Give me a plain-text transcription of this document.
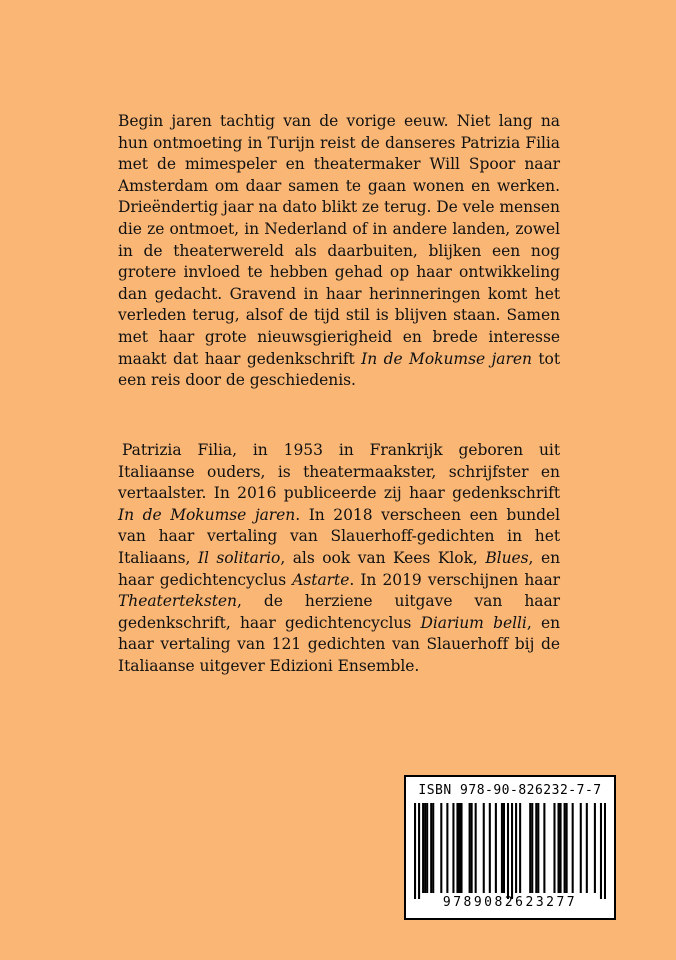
Begin jaren tachtig van de vorige eeuw. Niet lang na hun ontmoeting in Turijn reist de danseres Patrizia Filia met de mimespeler en theatermaker Will Spoor naar Amsterdam om daar samen te gaan wonen en werken. Drieëndertig jaar na dato blikt ze terug. De vele mensen die ze ontmoet, in Nederland of in andere landen, zowel in de theaterwereld als daarbuiten, blijken een nog grotere invloed te hebben gehad op haar ontwikkeling dan gedacht. Gravend in haar herinneringen komt het verleden terug, alsof de tijd stil is blijven staan. Samen met haar grote nieuwsgierigheid en brede interesse maakt dat haar gedenkschrift In de Mokumse jaren tot een reis door de geschiedenis.

Patrizia Filia, in 1953 in Frankrijk geboren uit Italiaanse ouders, is theatermaakster, schrijfster en vertaalster. In 2016 publiceerde zij haar gedenkschrift In de Mokumse jaren. In 2018 verscheen een bundel van haar vertaling van Slauerhoff-gedichten in het Italiaans, Il solitario, als ook van Kees Klok, Blues, en haar gedichtencyclus Astarte. In 2019 verschijnen haar Theaterteksten, de herziene uitgave van haar gedenkschrift, haar gedichtencyclus Diarium belli, en haar vertaling van 121 gedichten van Slauerhoff bij de Italiaanse uitgever Edizioni Ensemble.

ISBN 978-90-826232-7-7
9789082623277
